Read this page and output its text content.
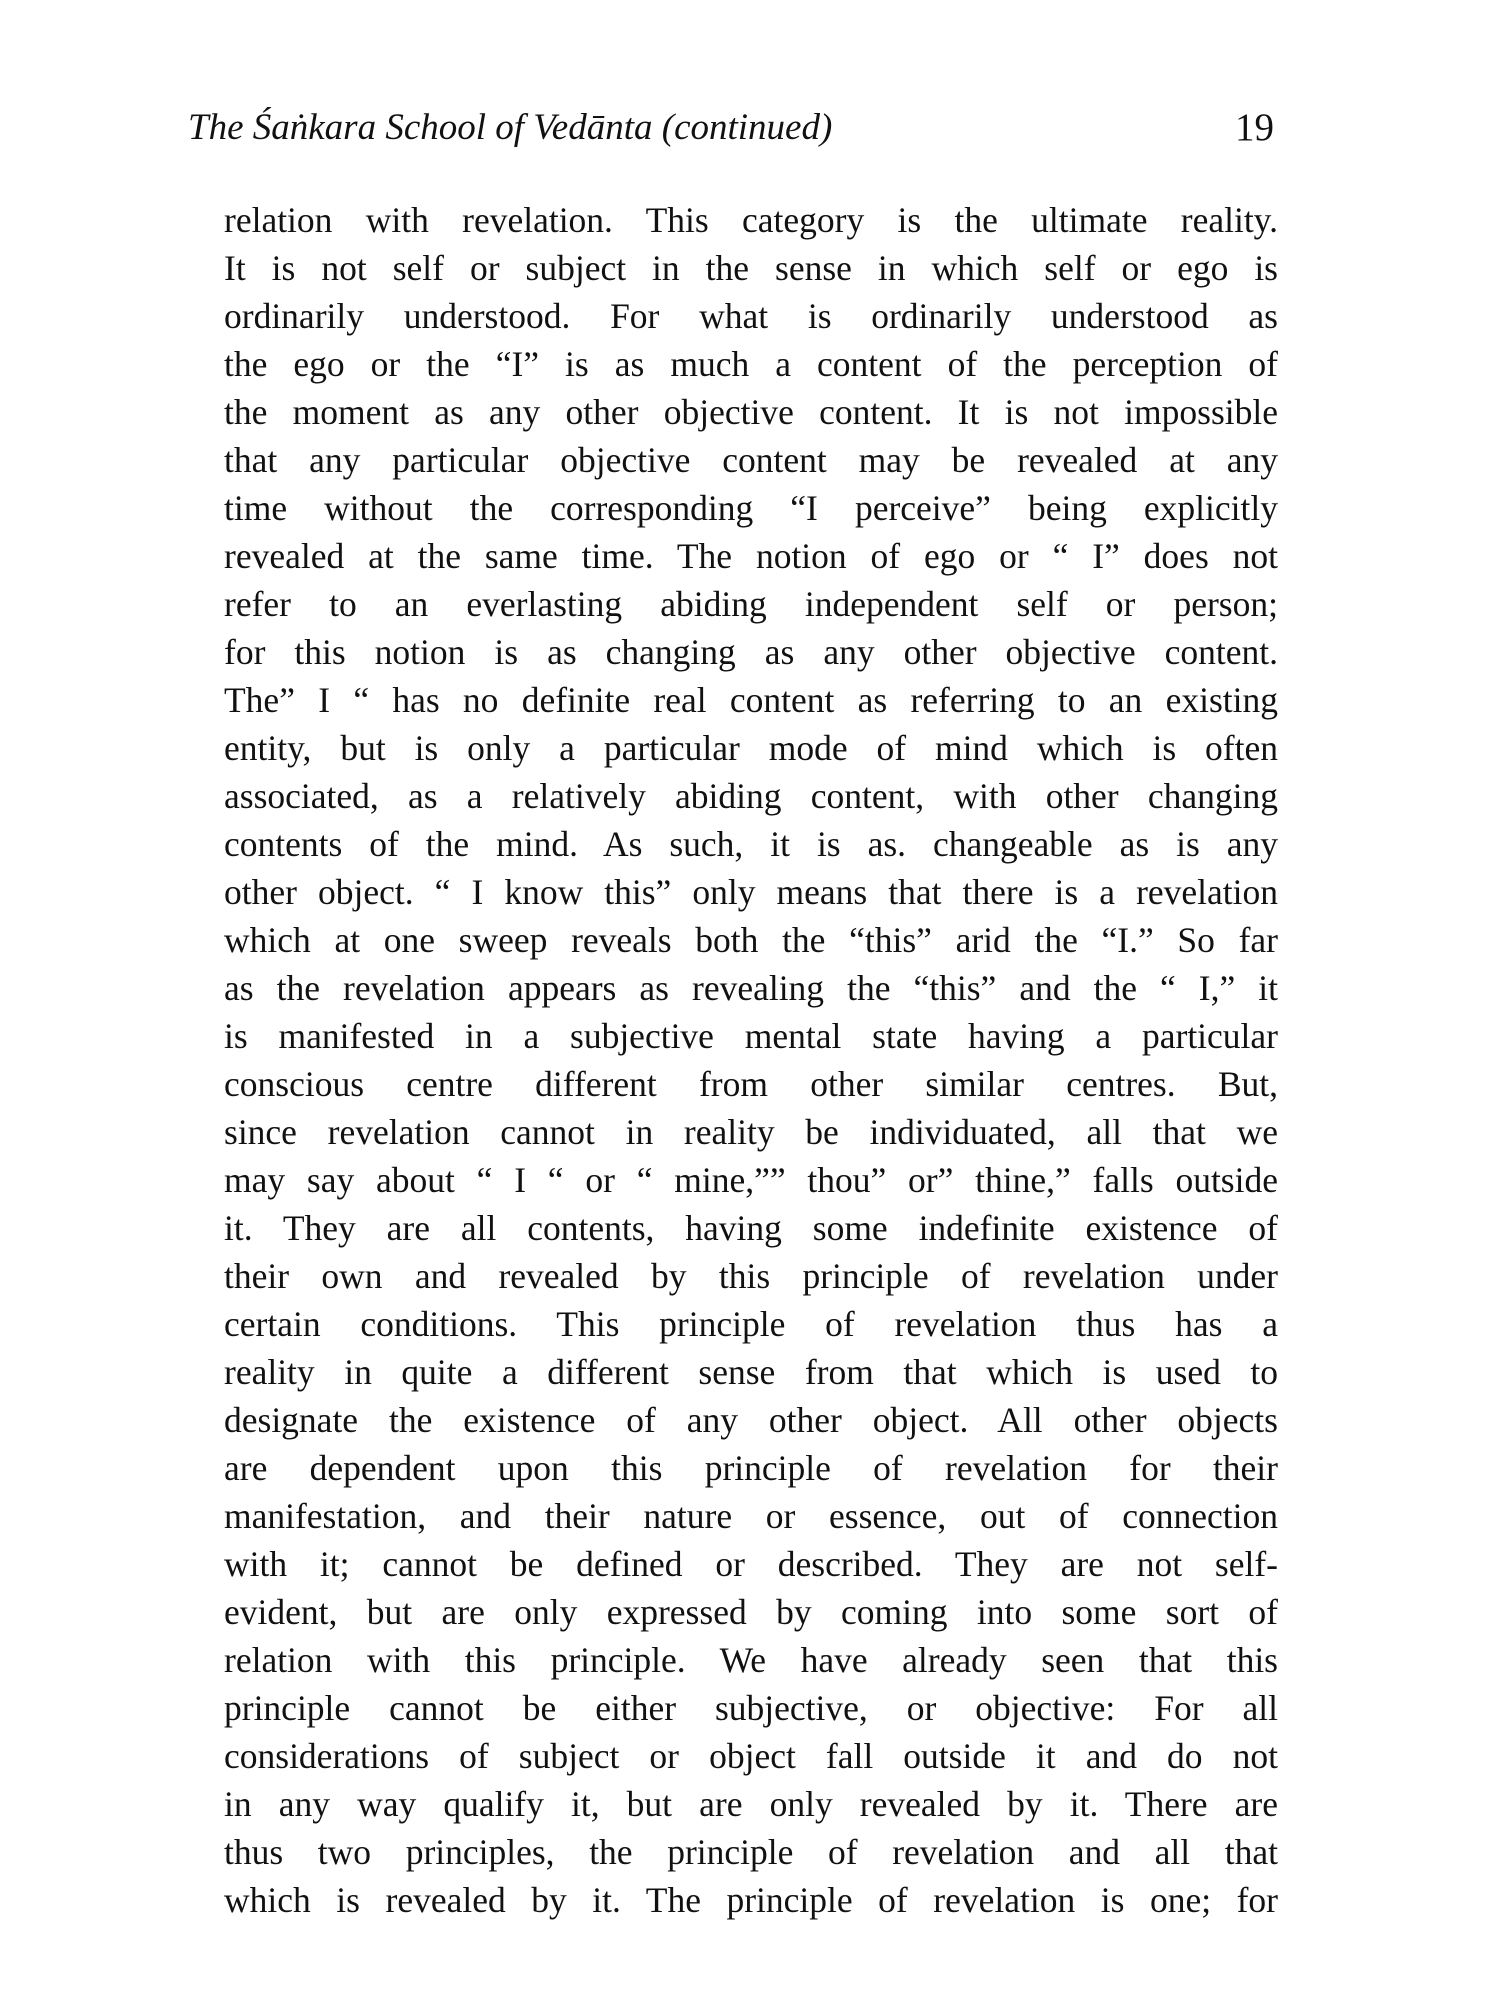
The Śaṅkara School of Vedānta (continued)	19
relation with revelation. This category is the ultimate reality.
It is not self or subject in the sense in which self or ego is
ordinarily understood. For what is ordinarily understood as
the ego or the “I” is as much a content of the perception of
the moment as any other objective content. It is not impossible
that any particular objective content may be revealed at any
time without the corresponding “I perceive” being explicitly
revealed at the same time. The notion of ego or “ I” does not
refer to an everlasting abiding independent self or person;
for this notion is as changing as any other objective content.
The” I “ has no definite real content as referring to an existing
entity, but is only a particular mode of mind which is often
associated, as a relatively abiding content, with other changing
contents of the mind. As such, it is as. changeable as is any
other object. “ I know this” only means that there is a revelation
which at one sweep reveals both the “this” arid the “I.” So far
as the revelation appears as revealing the “this” and the “ I,” it
is manifested in a subjective mental state having a particular
conscious centre different from other similar centres. But,
since revelation cannot in reality be individuated, all that we
may say about “ I “ or “ mine,”” thou” or” thine,” falls outside
it. They are all contents, having some indefinite existence of
their own and revealed by this principle of revelation under
certain conditions. This principle of revelation thus has a
reality in quite a different sense from that which is used to
designate the existence of any other object. All other objects
are dependent upon this principle of revelation for their
manifestation, and their nature or essence, out of connection
with it; cannot be defined or described. They are not self-
evident, but are only expressed by coming into some sort of
relation with this principle. We have already seen that this
principle cannot be either subjective, or objective: For all
considerations of subject or object fall outside it and do not
in any way qualify it, but are only revealed by it. There are
thus two principles, the principle of revelation and all that
which is revealed by it. The principle of revelation is one; for
